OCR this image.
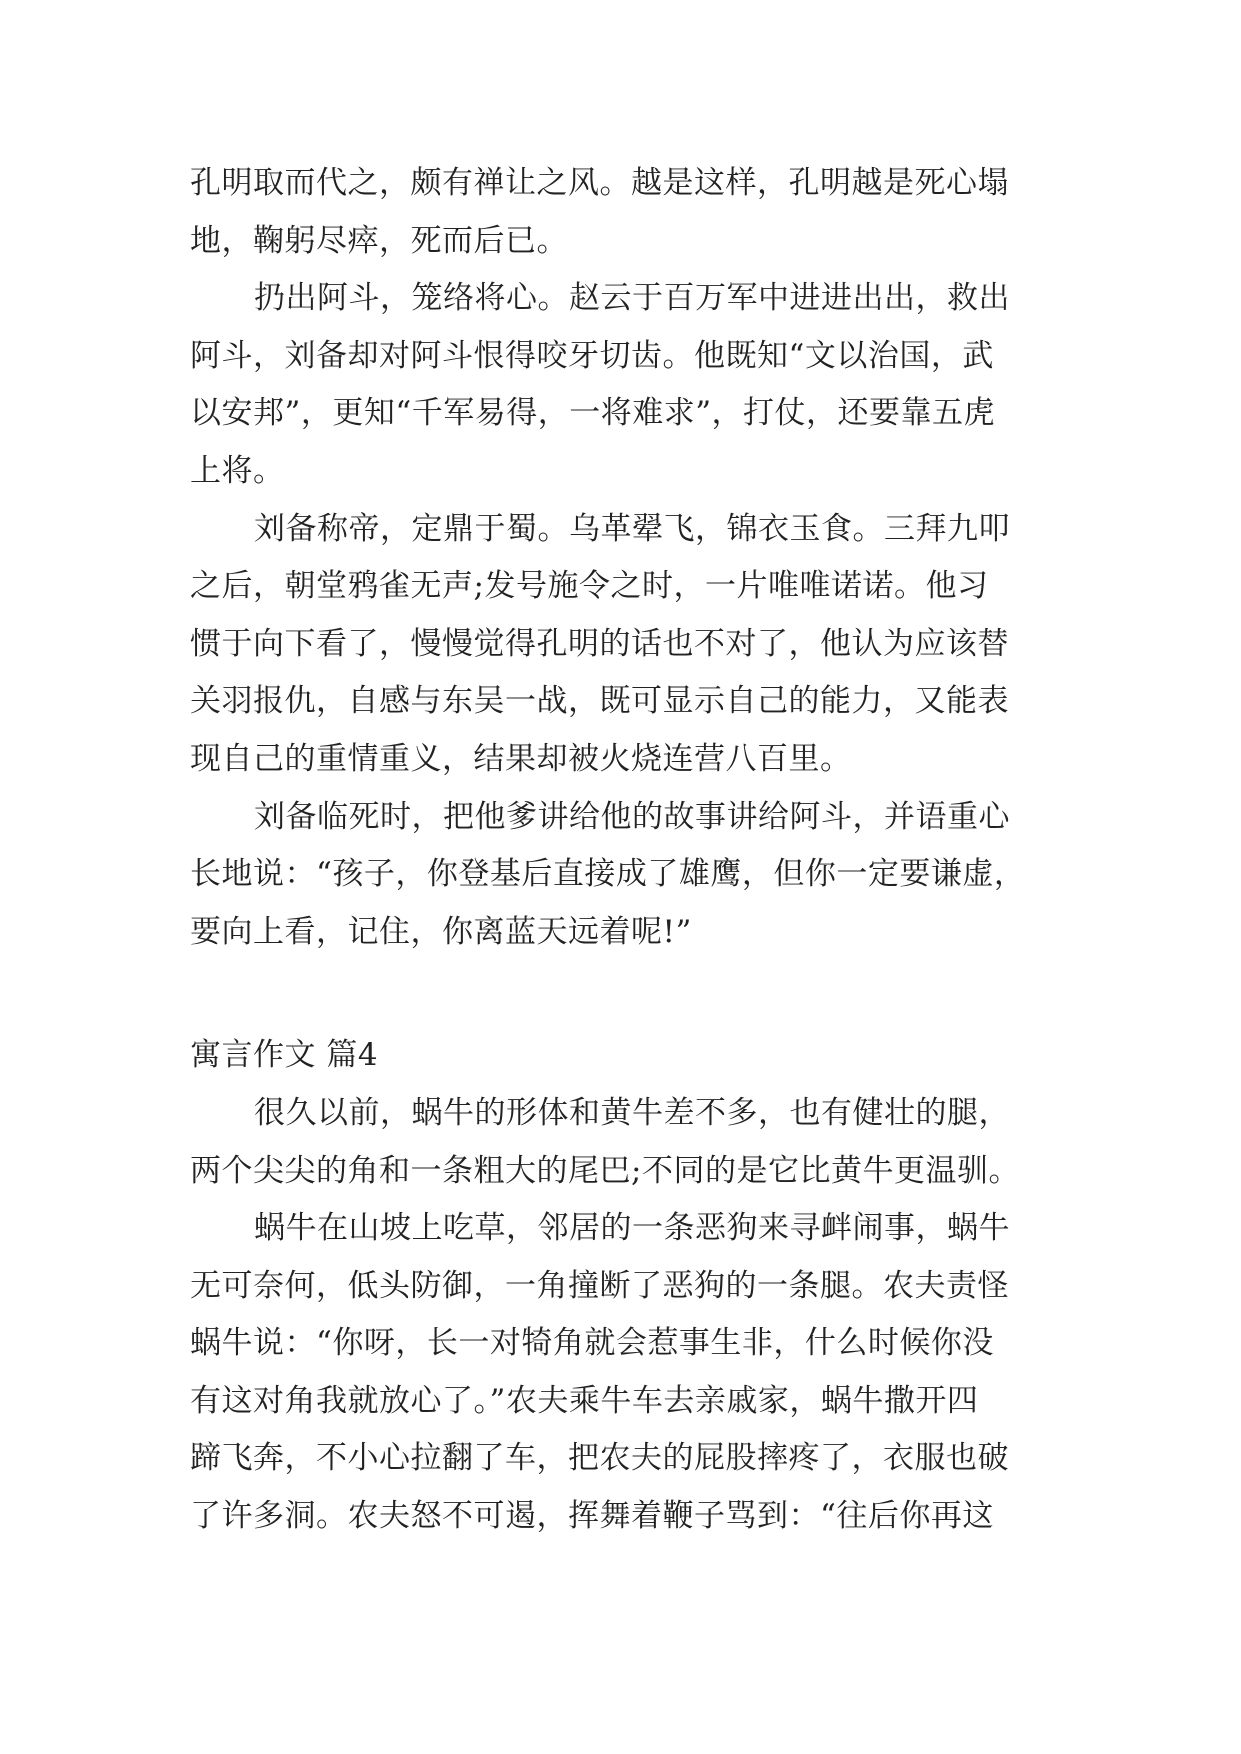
孔明取而代之，颇有禅让之风。越是这样，孔明越是死心塌
地，鞠躬尽瘁，死而后已。
扔出阿斗，笼络将心。赵云于百万军中进进出出，救出
阿斗，刘备却对阿斗恨得咬牙切齿。他既知“文以治国，武
以安邦”，更知“千军易得，一将难求”，打仗，还要靠五虎
上将。
刘备称帝，定鼎于蜀。乌革翚飞，锦衣玉食。三拜九叩
之后，朝堂鸦雀无声;发号施令之时，一片唯唯诺诺。他习
惯于向下看了，慢慢觉得孔明的话也不对了，他认为应该替
关羽报仇，自感与东吴一战，既可显示自己的能力，又能表
现自己的重情重义，结果却被火烧连营八百里。
刘备临死时，把他爹讲给他的故事讲给阿斗，并语重心
长地说：“孩子，你登基后直接成了雄鹰，但你一定要谦虚，
要向上看，记住，你离蓝天远着呢!”
寓言作文 篇4
很久以前，蜗牛的形体和黄牛差不多，也有健壮的腿，
两个尖尖的角和一条粗大的尾巴;不同的是它比黄牛更温驯。
蜗牛在山坡上吃草，邻居的一条恶狗来寻衅闹事，蜗牛
无可奈何，低头防御，一角撞断了恶狗的一条腿。农夫责怪
蜗牛说：“你呀，长一对犄角就会惹事生非，什么时候你没
有这对角我就放心了。”农夫乘牛车去亲戚家，蜗牛撒开四
蹄飞奔，不小心拉翻了车，把农夫的屁股摔疼了，衣服也破
了许多洞。农夫怒不可遏，挥舞着鞭子骂到：“往后你再这
